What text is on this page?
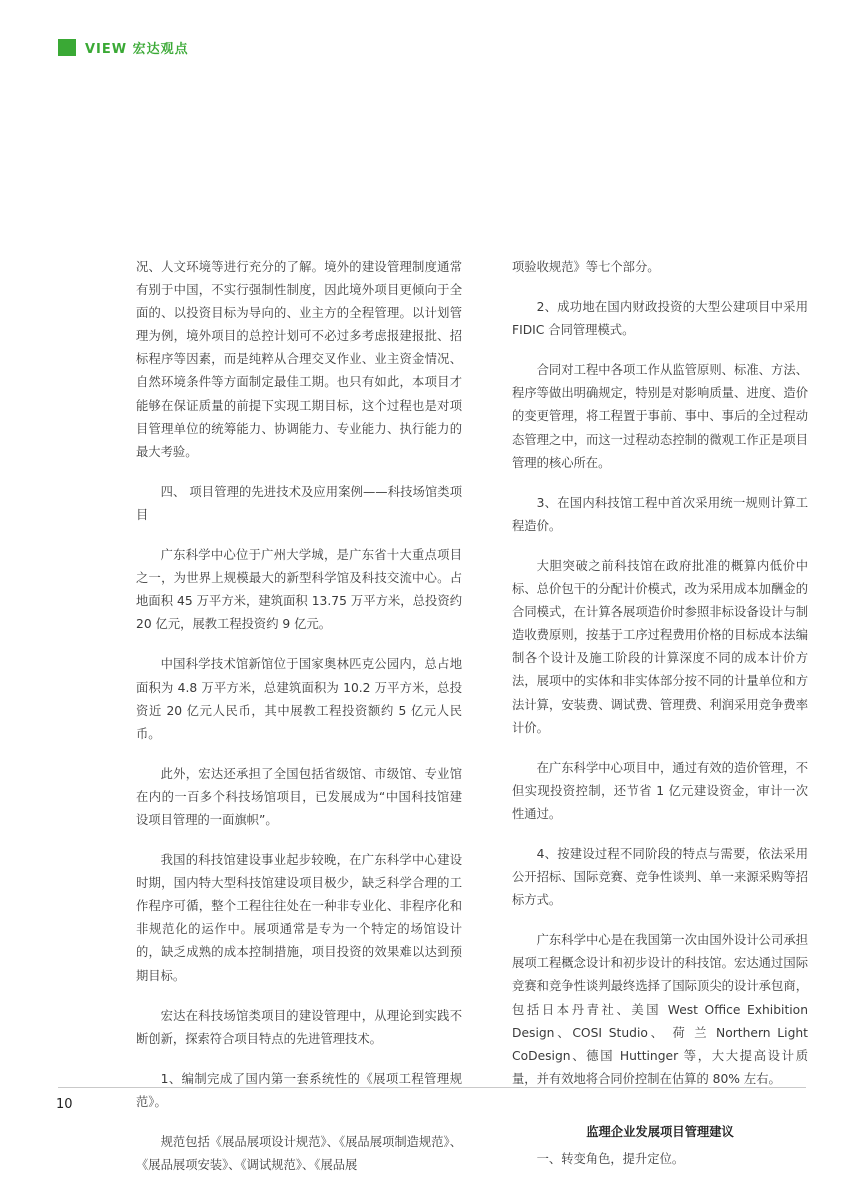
VIEW 宏达观点

况、人文环境等进行充分的了解。境外的建设管理制度通常有别于中国，不实行强制性制度，因此境外项目更倾向于全面的、以投资目标为导向的、业主方的全程管理。以计划管理为例，境外项目的总控计划可不必过多考虑报建报批、招标程序等因素，而是纯粹从合理交叉作业、业主资金情况、自然环境条件等方面制定最佳工期。也只有如此，本项目才能够在保证质量的前提下实现工期目标，这个过程也是对项目管理单位的统筹能力、协调能力、专业能力、执行能力的最大考验。

四、 项目管理的先进技术及应用案例——科技场馆类项目

广东科学中心位于广州大学城，是广东省十大重点项目之一，为世界上规模最大的新型科学馆及科技交流中心。占地面积 45 万平方米，建筑面积 13.75 万平方米，总投资约 20 亿元，展教工程投资约 9 亿元。

中国科学技术馆新馆位于国家奥林匹克公园内，总占地面积为 4.8 万平方米，总建筑面积为 10.2 万平方米，总投资近 20 亿元人民币，其中展教工程投资额约 5 亿元人民币。

此外，宏达还承担了全国包括省级馆、市级馆、专业馆在内的一百多个科技场馆项目，已发展成为“中国科技馆建设项目管理的一面旗帜”。

我国的科技馆建设事业起步较晚，在广东科学中心建设时期，国内特大型科技馆建设项目极少，缺乏科学合理的工作程序可循，整个工程往往处在一种非专业化、非程序化和非规范化的运作中。展项通常是专为一个特定的场馆设计的，缺乏成熟的成本控制措施，项目投资的效果难以达到预期目标。

宏达在科技场馆类项目的建设管理中，从理论到实践不断创新，探索符合项目特点的先进管理技术。

1、编制完成了国内第一套系统性的《展项工程管理规范》。

规范包括《展品展项设计规范》、《展品展项制造规范》、《展品展项安装》、《调试规范》、《展品展

项验收规范》等七个部分。

2、成功地在国内财政投资的大型公建项目中采用 FIDIC 合同管理模式。

合同对工程中各项工作从监管原则、标准、方法、程序等做出明确规定，特别是对影响质量、进度、造价的变更管理，将工程置于事前、事中、事后的全过程动态管理之中，而这一过程动态控制的微观工作正是项目管理的核心所在。

3、在国内科技馆工程中首次采用统一规则计算工程造价。

大胆突破之前科技馆在政府批准的概算内低价中标、总价包干的分配计价模式，改为采用成本加酬金的合同模式，在计算各展项造价时参照非标设备设计与制造收费原则，按基于工序过程费用价格的目标成本法编制各个设计及施工阶段的计算深度不同的成本计价方法，展项中的实体和非实体部分按不同的计量单位和方法计算，安装费、调试费、管理费、利润采用竞争费率计价。

在广东科学中心项目中，通过有效的造价管理，不但实现投资控制，还节省 1 亿元建设资金，审计一次性通过。

4、按建设过程不同阶段的特点与需要，依法采用公开招标、国际竞赛、竞争性谈判、单一来源采购等招标方式。

广东科学中心是在我国第一次由国外设计公司承担展项工程概念设计和初步设计的科技馆。宏达通过国际竞赛和竞争性谈判最终选择了国际顶尖的设计承包商，包括日本丹青社、美国 West Office Exhibition Design、COSI Studio、 荷 兰 Northern Light CoDesign、德国 Huttinger 等，大大提高设计质量，并有效地将合同价控制在估算的 80% 左右。

监理企业发展项目管理建议

一、转变角色，提升定位。

10
